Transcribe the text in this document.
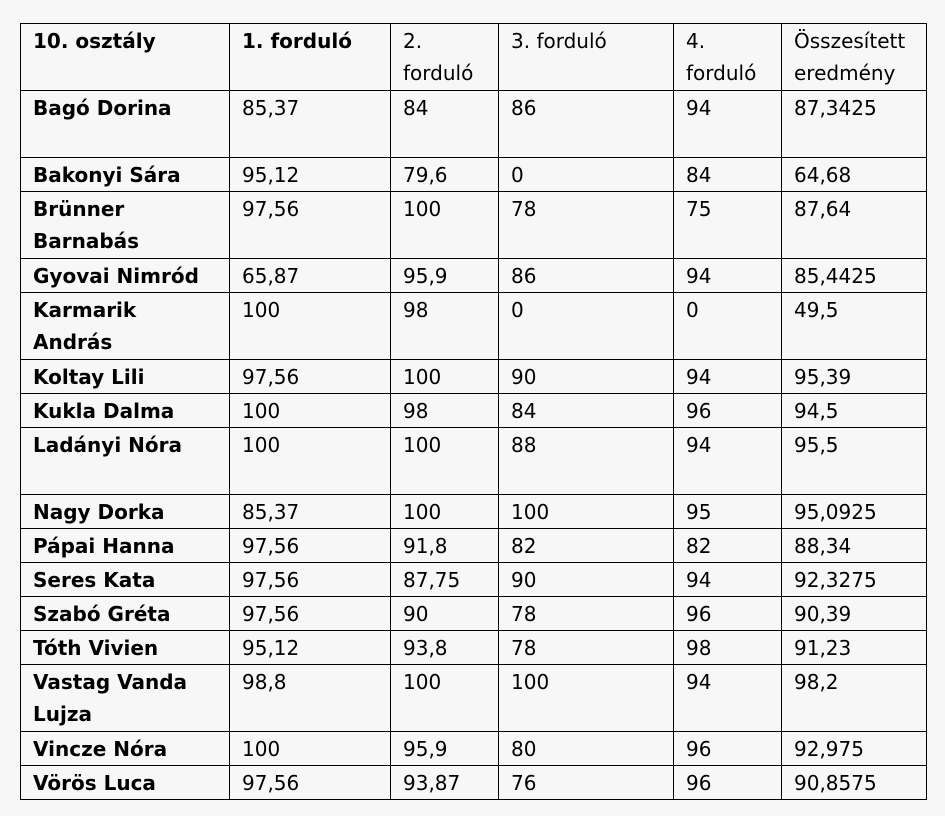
10. osztály	1. forduló	2. forduló	3. forduló	4. forduló	Összesített eredmény
Bagó Dorina	85,37	84	86	94	87,3425
Bakonyi Sára	95,12	79,6	0	84	64,68
Brünner Barnabás	97,56	100	78	75	87,64
Gyovai Nimród	65,87	95,9	86	94	85,4425
Karmarik András	100	98	0	0	49,5
Koltay Lili	97,56	100	90	94	95,39
Kukla Dalma	100	98	84	96	94,5
Ladányi Nóra	100	100	88	94	95,5
Nagy Dorka	85,37	100	100	95	95,0925
Pápai Hanna	97,56	91,8	82	82	88,34
Seres Kata	97,56	87,75	90	94	92,3275
Szabó Gréta	97,56	90	78	96	90,39
Tóth Vivien	95,12	93,8	78	98	91,23
Vastag Vanda Lujza	98,8	100	100	94	98,2
Vincze Nóra	100	95,9	80	96	92,975
Vörös Luca	97,56	93,87	76	96	90,8575
